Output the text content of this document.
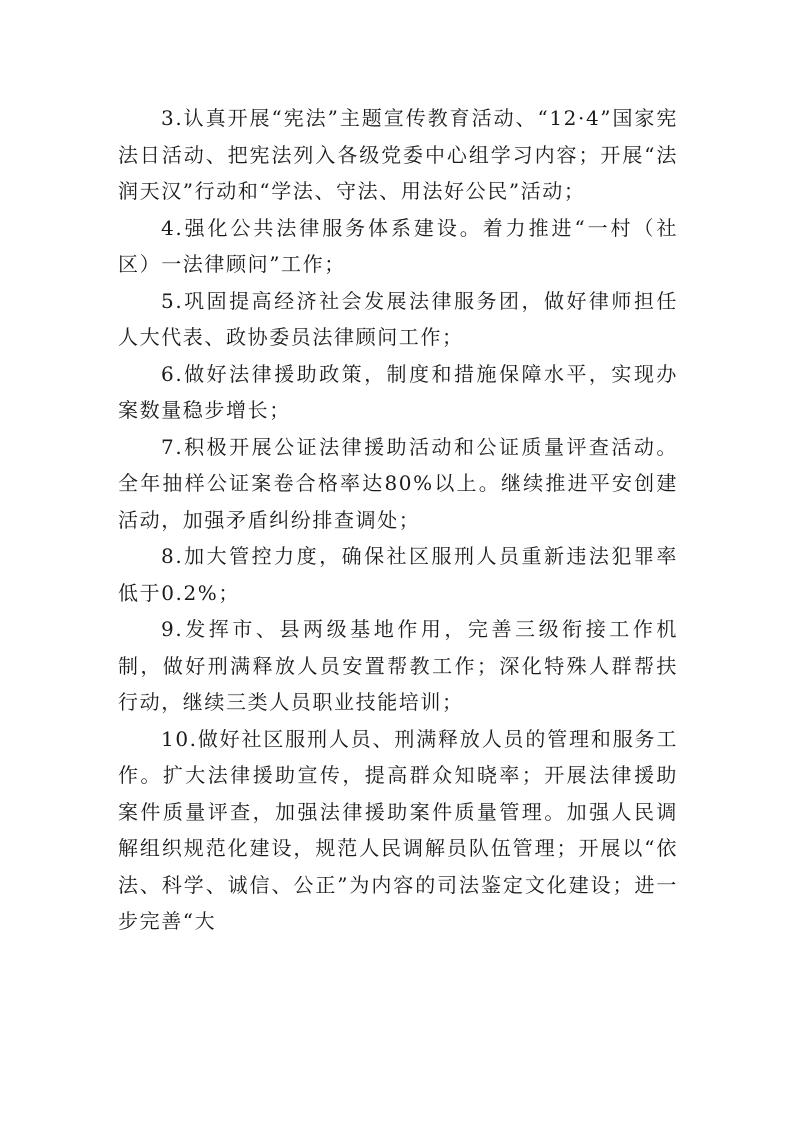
3.认真开展“宪法”主题宣传教育活动、“12·4”国家宪法日活动、把宪法列入各级党委中心组学习内容；开展“法润天汉”行动和“学法、守法、用法好公民”活动；

4.强化公共法律服务体系建设。着力推进“一村（社区）一法律顾问”工作；

5.巩固提高经济社会发展法律服务团，做好律师担任人大代表、政协委员法律顾问工作；

6.做好法律援助政策，制度和措施保障水平，实现办案数量稳步增长；

7.积极开展公证法律援助活动和公证质量评查活动。全年抽样公证案卷合格率达80%以上。继续推进平安创建活动，加强矛盾纠纷排查调处；

8.加大管控力度，确保社区服刑人员重新违法犯罪率低于0.2%；

9.发挥市、县两级基地作用，完善三级衔接工作机制，做好刑满释放人员安置帮教工作；深化特殊人群帮扶行动，继续三类人员职业技能培训；

10.做好社区服刑人员、刑满释放人员的管理和服务工作。扩大法律援助宣传，提高群众知晓率；开展法律援助案件质量评查，加强法律援助案件质量管理。加强人民调解组织规范化建设，规范人民调解员队伍管理；开展以“依法、科学、诚信、公正”为内容的司法鉴定文化建设；进一步完善“大
